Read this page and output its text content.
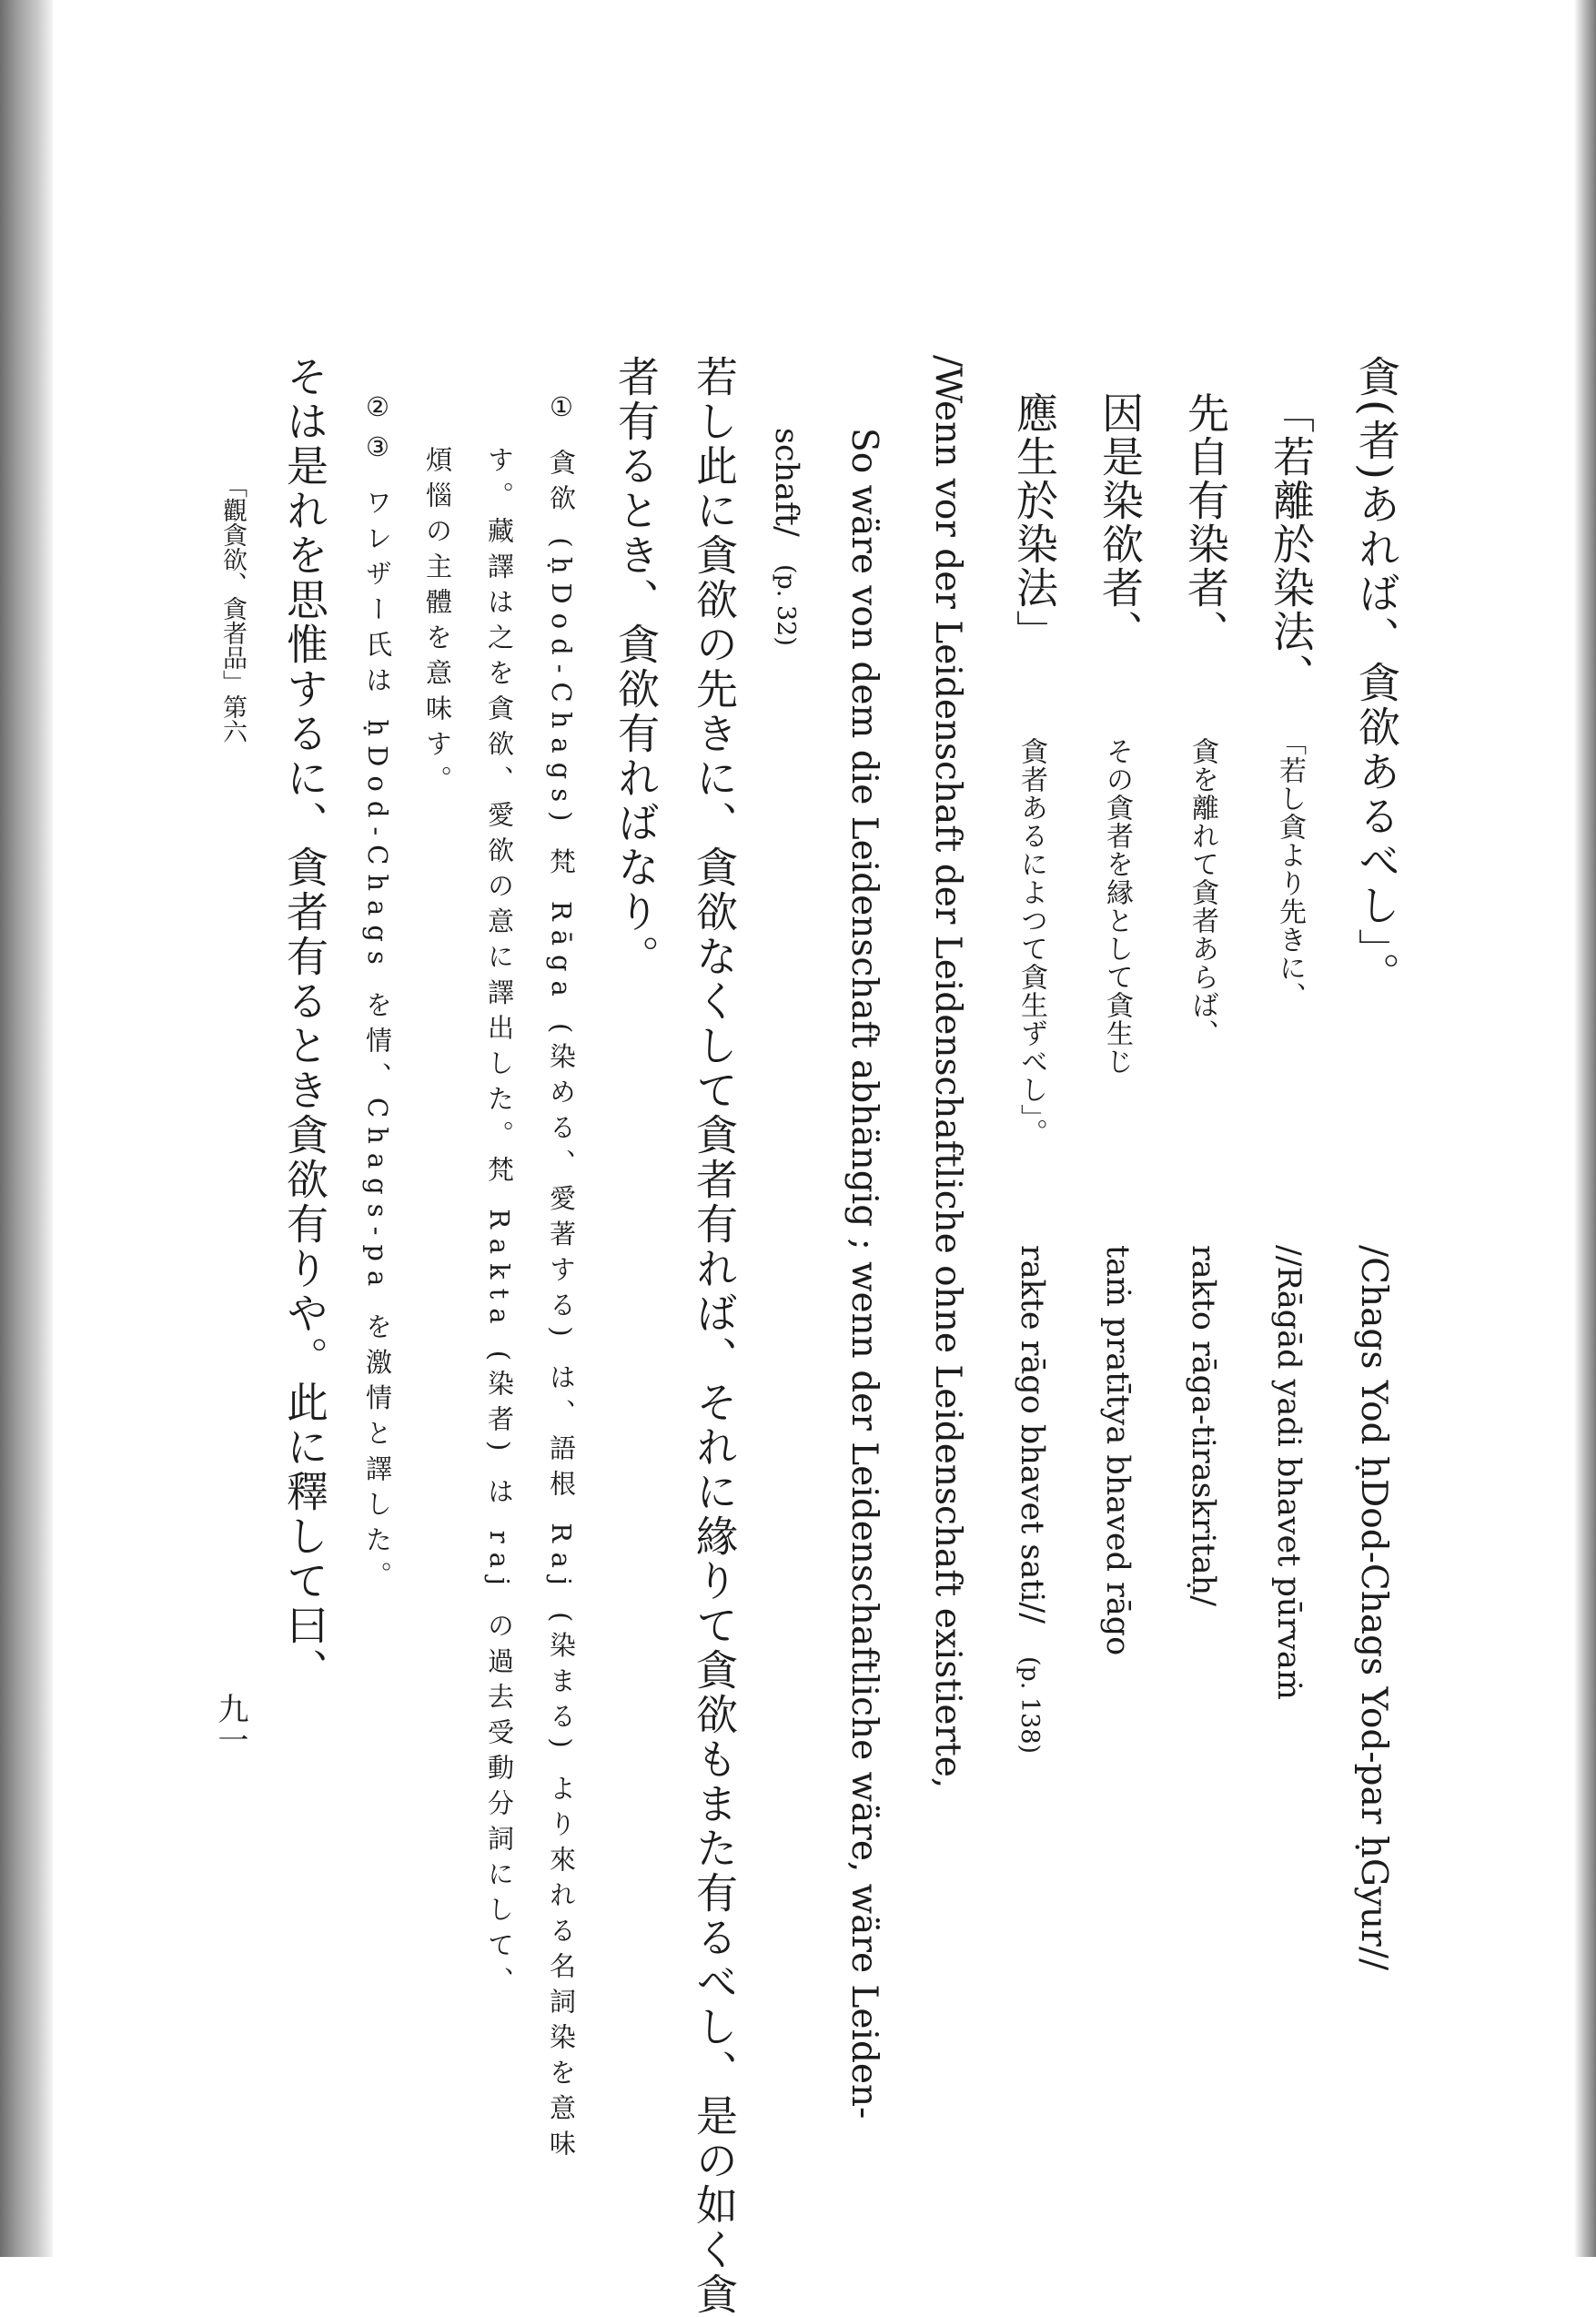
/Chags Yod ḥDod-Chags Yod-par ḥGyur//
貪(者)あれば、貪欲あるべし」。
「若離於染法、
「若し貪より先きに、
//Rāgād yadi bhavet pūrvaṁ
先自有染者、
貪を離れて貪者あらば、
rakto rāga-tiraskritaḥ/
因是染欲者、
その貪者を縁として貪生じ
taṁ pratītya bhaved rāgo
應生於染法」
貪者あるによつて貪生ずべし」。
rakte rāgo bhavet sati//
(p. 138)
/Wenn vor der Leidenschaft der Leidenschaftliche ohne Leidenschaft existierte,
So wäre von dem die Leidenschaft abhängig ; wenn der Leidenschaftliche wäre, wäre Leiden-
schaft/
(p. 32)
若し此に貪欲の先きに、貪欲なくして貪者有れば、それに緣りて貪欲もまた有るべし、是の如く貪
者有るとき、貪欲有ればなり。
① 貪欲 (ḥDod-Chags) 梵 Rāga (染める、愛著する) は、語根 Raj (染まる) より來れる名詞染を意味
す。藏譯は之を貪欲、愛欲の意に譯出した。梵 Rakta (染者) は raj の過去受動分詞にして、
煩惱の主體を意味す。
②③ ワレザー氏は ḥDod-Chags を情、Chags-pa を激情と譯した。
そは是れを思惟するに、貪者有るとき貪欲有りや。此に釋して曰、
「觀貪欲、貪者品」第六
九一
